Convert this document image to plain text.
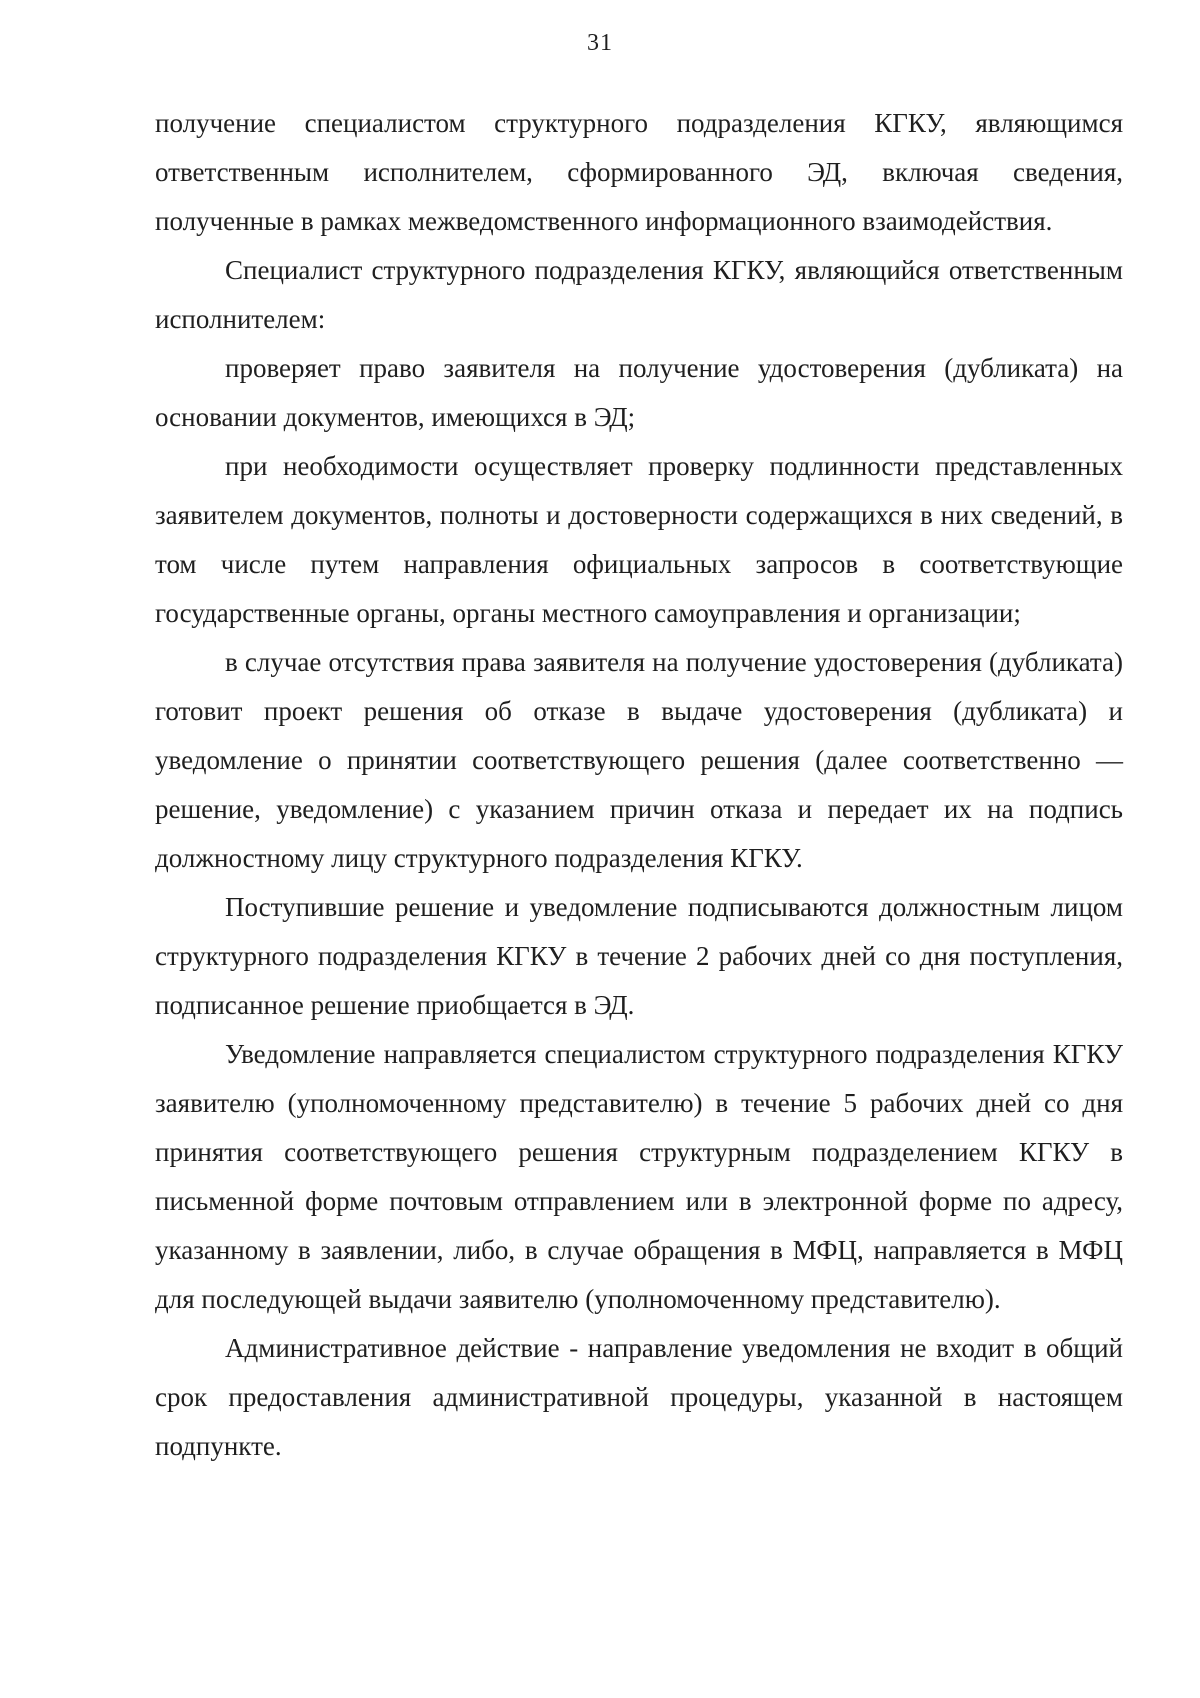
31

получение специалистом структурного подразделения КГКУ, являющимся ответственным исполнителем, сформированного ЭД, включая сведения, полученные в рамках межведомственного информационного взаимодействия.

Специалист структурного подразделения КГКУ, являющийся ответственным исполнителем:

проверяет право заявителя на получение удостоверения (дубликата) на основании документов, имеющихся в ЭД;

при необходимости осуществляет проверку подлинности представленных заявителем документов, полноты и достоверности содержащихся в них сведений, в том числе путем направления официальных запросов в соответствующие государственные органы, органы местного самоуправления и организации;

в случае отсутствия права заявителя на получение удостоверения (дубликата) готовит проект решения об отказе в выдаче удостоверения (дубликата) и уведомление о принятии соответствующего решения (далее соответственно — решение, уведомление) с указанием причин отказа и передает их на подпись должностному лицу структурного подразделения КГКУ.

Поступившие решение и уведомление подписываются должностным лицом структурного подразделения КГКУ в течение 2 рабочих дней со дня поступления, подписанное решение приобщается в ЭД.

Уведомление направляется специалистом структурного подразделения КГКУ заявителю (уполномоченному представителю) в течение 5 рабочих дней со дня принятия соответствующего решения структурным подразделением КГКУ в письменной форме почтовым отправлением или в электронной форме по адресу, указанному в заявлении, либо, в случае обращения в МФЦ, направляется в МФЦ для последующей выдачи заявителю (уполномоченному представителю).

Административное действие - направление уведомления не входит в общий срок предоставления административной процедуры, указанной в настоящем подпункте.
